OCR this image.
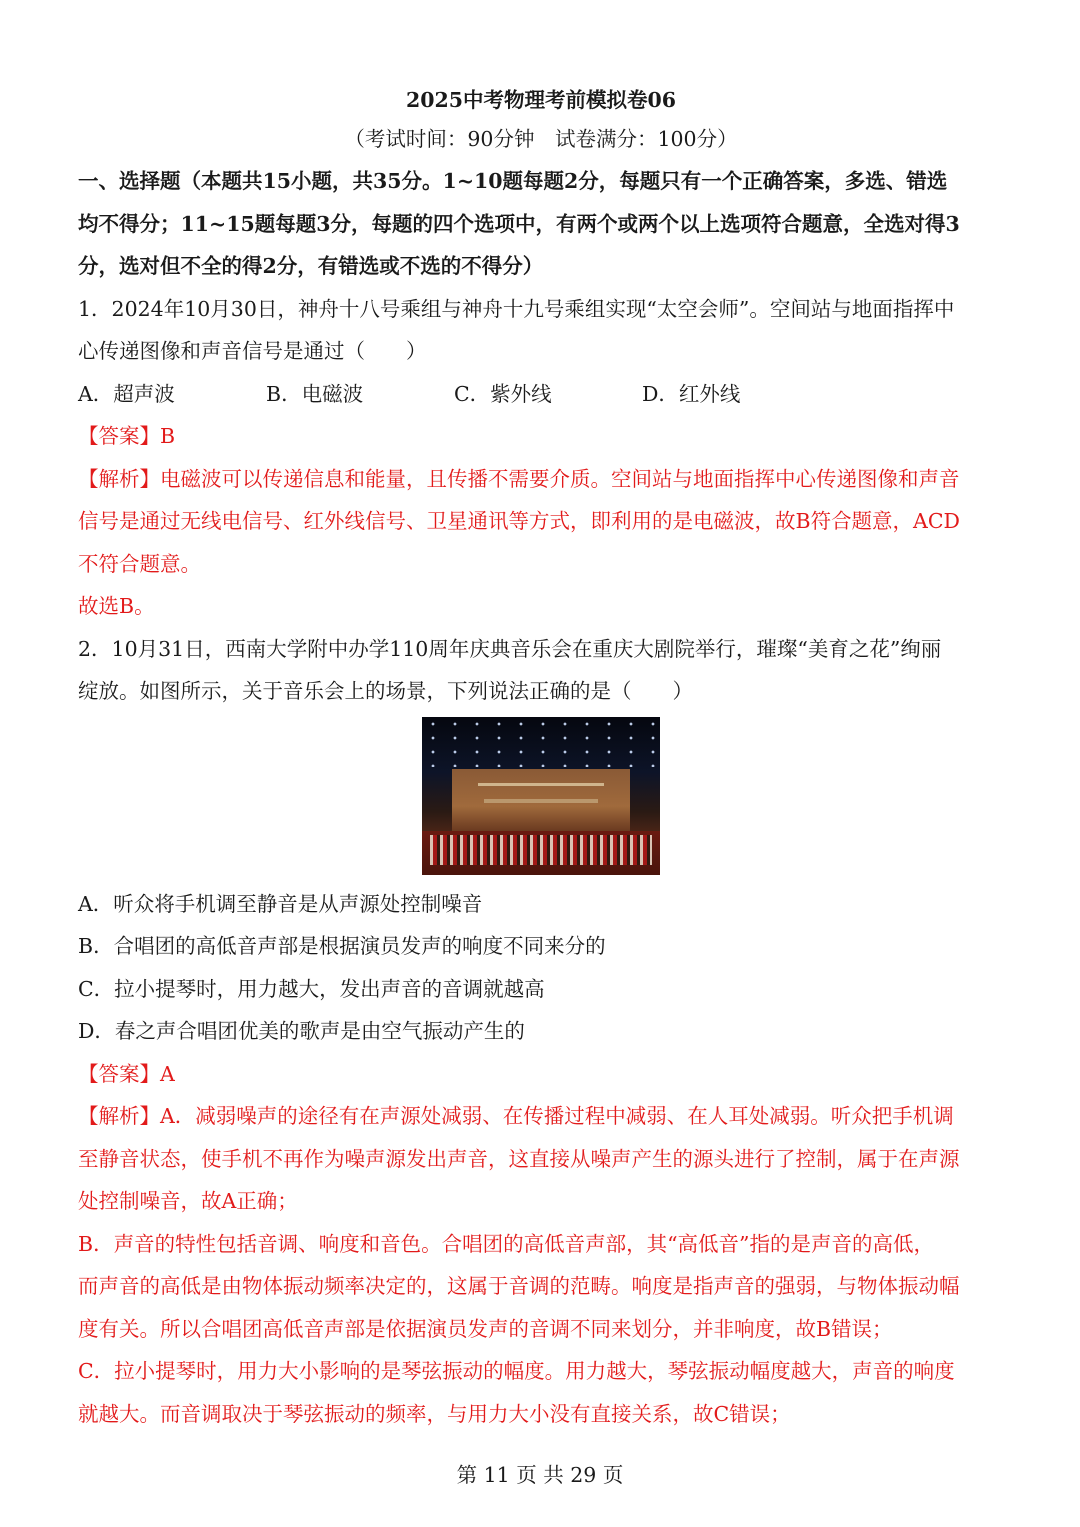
2025中考物理考前模拟卷06
（考试时间：90分钟　试卷满分：100分）
一、选择题（本题共15小题，共35分。1~10题每题2分，每题只有一个正确答案，多选、错选
均不得分；11~15题每题3分，每题的四个选项中，有两个或两个以上选项符合题意，全选对得3
分，选对但不全的得2分，有错选或不选的不得分）
1．2024年10月30日，神舟十八号乘组与神舟十九号乘组实现“太空会师”。空间站与地面指挥中
心传递图像和声音信号是通过（　　）
A．超声波	B．电磁波	C．紫外线	D．红外线
【答案】B
【解析】电磁波可以传递信息和能量，且传播不需要介质。空间站与地面指挥中心传递图像和声音
信号是通过无线电信号、红外线信号、卫星通讯等方式，即利用的是电磁波，故B符合题意，ACD
不符合题意。
故选B。
2．10月31日，西南大学附中办学110周年庆典音乐会在重庆大剧院举行，璀璨“美育之花”绚丽
绽放。如图所示，关于音乐会上的场景，下列说法正确的是（　　）
A．听众将手机调至静音是从声源处控制噪音
B．合唱团的高低音声部是根据演员发声的响度不同来分的
C．拉小提琴时，用力越大，发出声音的音调就越高
D．春之声合唱团优美的歌声是由空气振动产生的
【答案】A
【解析】A．减弱噪声的途径有在声源处减弱、在传播过程中减弱、在人耳处减弱。听众把手机调
至静音状态，使手机不再作为噪声源发出声音，这直接从噪声产生的源头进行了控制，属于在声源
处控制噪音，故A正确；
B．声音的特性包括音调、响度和音色。合唱团的高低音声部，其“高低音”指的是声音的高低，
而声音的高低是由物体振动频率决定的，这属于音调的范畴。响度是指声音的强弱，与物体振动幅
度有关。所以合唱团高低音声部是依据演员发声的音调不同来划分，并非响度，故B错误；
C．拉小提琴时，用力大小影响的是琴弦振动的幅度。用力越大，琴弦振动幅度越大，声音的响度
就越大。而音调取决于琴弦振动的频率，与用力大小没有直接关系，故C错误；
第 11 页 共 29 页
